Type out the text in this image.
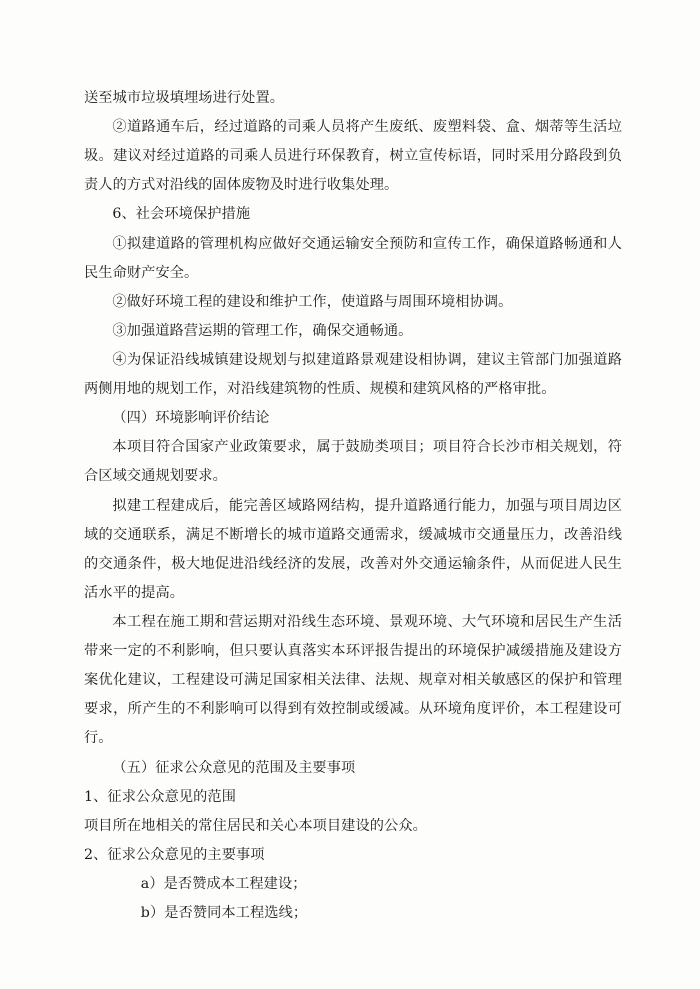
送至城市垃圾填埋场进行处置。

②道路通车后，经过道路的司乘人员将产生废纸、废塑料袋、盒、烟蒂等生活垃圾。建议对经过道路的司乘人员进行环保教育，树立宣传标语，同时采用分路段到负责人的方式对沿线的固体废物及时进行收集处理。

6、社会环境保护措施

①拟建道路的管理机构应做好交通运输安全预防和宣传工作，确保道路畅通和人民生命财产安全。

②做好环境工程的建设和维护工作，使道路与周围环境相协调。

③加强道路营运期的管理工作，确保交通畅通。

④为保证沿线城镇建设规划与拟建道路景观建设相协调，建议主管部门加强道路两侧用地的规划工作，对沿线建筑物的性质、规模和建筑风格的严格审批。

（四）环境影响评价结论

本项目符合国家产业政策要求，属于鼓励类项目；项目符合长沙市相关规划，符合区域交通规划要求。

拟建工程建成后，能完善区域路网结构，提升道路通行能力，加强与项目周边区域的交通联系，满足不断增长的城市道路交通需求，缓减城市交通量压力，改善沿线的交通条件，极大地促进沿线经济的发展，改善对外交通运输条件，从而促进人民生活水平的提高。

本工程在施工期和营运期对沿线生态环境、景观环境、大气环境和居民生产生活带来一定的不利影响，但只要认真落实本环评报告提出的环境保护减缓措施及建设方案优化建议，工程建设可满足国家相关法律、法规、规章对相关敏感区的保护和管理要求，所产生的不利影响可以得到有效控制或缓减。从环境角度评价，本工程建设可行。

（五）征求公众意见的范围及主要事项

1、征求公众意见的范围

项目所在地相关的常住居民和关心本项目建设的公众。

2、征求公众意见的主要事项

a）是否赞成本工程建设；

b）是否赞同本工程选线；
